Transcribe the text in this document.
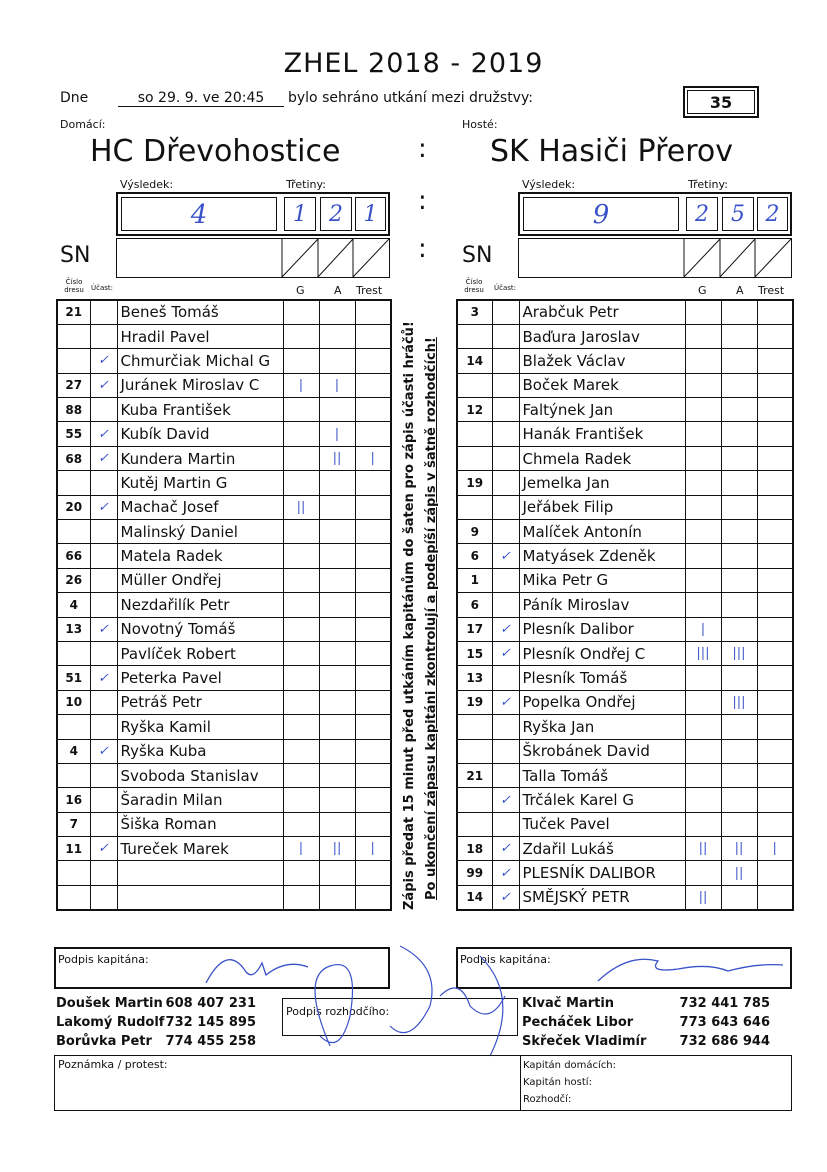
ZHEL 2018 - 2019
Dne	so 29. 9. ve 20:45	bylo sehráno utkání mezi družstvy:	35
Domácí:	Hosté:
HC Dřevohostice	SK Hasiči Přerov
:
:
:
Výsledek:	Třetiny:
4	1	2 1
SN
Číslo dresu	Účast:	G	A Trest
Výsledek:	Třetiny:
9	2	5 2
SN
Číslo dresu	Účast:	G	A Trest
21		Beneš Tomáš			
		Hradil Pavel			
	✓	Chmurčiak Michal G			
27	✓	Juránek Miroslav C	|	|	
88		Kuba František			
55	✓	Kubík David		|	
68	✓	Kundera Martin		||	|
		Kutěj Martin G			
20	✓	Machač Josef	||		
		Malinský Daniel			
66		Matela Radek			
26		Müller Ondřej			
4		Nezdařilík Petr			
13	✓	Novotný Tomáš			
		Pavlíček Robert			
51	✓	Peterka Pavel			
10		Petráš Petr			
		Ryška Kamil			
4	✓	Ryška Kuba			
		Svoboda Stanislav			
16		Šaradin Milan			
7		Šiška Roman			
11	✓	Tureček Marek	|	||	|

3		Arabčuk Petr			
		Baďura Jaroslav			
14		Blažek Václav			
		Boček Marek			
12		Faltýnek Jan			
		Hanák František			
		Chmela Radek			
19		Jemelka Jan			
		Jeřábek Filip			
9		Malíček Antonín			
6	✓	Matyásek Zdeněk			
1		Mika Petr G			
6		Páník Miroslav			
17	✓	Plesník Dalibor	|		
15	✓	Plesník Ondřej C	|||	|||	
13		Plesník Tomáš			
19	✓	Popelka Ondřej		|||	
		Ryška Jan			
		Škrobánek David			
21		Talla Tomáš			
	✓	Trčálek Karel G			
		Tuček Pavel			
18	✓	Zdařil Lukáš	||	||	|
99	✓	PLESNÍK DALIBOR		||	
14	✓	SMĚJSKÝ PETR	||		
Zápis předat 15 minut před utkáním kapitánům do šaten pro zápis účasti hráčů! Po ukončení zápasu kapitáni zkontrolují a podepíší zápis v šatně rozhodčích!
Podpis kapitána:	Podpis kapitána:
Doušek Martin 608 407 231
Lakomý Rudolf 732 145 895
Borůvka Petr 774 455 258
Klvač Martin	732 441 785
Pecháček Libor	773 643 646
Skřeček Vladimír	732 686 944
Podpis rozhodčího:
Poznámka / protest:	Kapitán domácích:
Kapitán hostí:
Rozhodčí:
